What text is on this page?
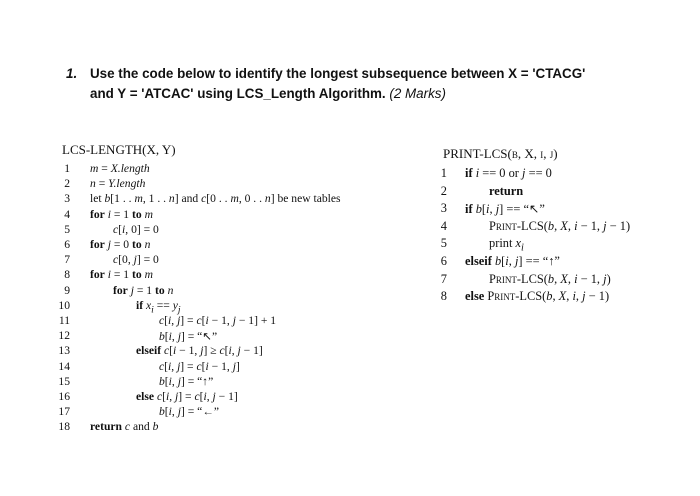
1. Use the code below to identify the longest subsequence between X = 'CTACG'
and Y = 'ATCAC' using LCS_Length Algorithm. (2 Marks)
LCS-LENGTH(X, Y)
1 m = X.length
2 n = Y.length
3 let b[1 . . m, 1 . . n] and c[0 . . m, 0 . . n] be new tables
4 for i = 1 to m
5	c[i, 0] = 0
6 for j = 0 to n
7	c[0, j] = 0
8 for i = 1 to m
9	for j = 1 to n
10	if $x_i == y_j$
11	c[i, j] = c[i − 1, j − 1] + 1
12	b[i, j] = “↖”
13	elseif c[i − 1, j] ≥ c[i, j − 1]
14	c[i, j] = c[i − 1, j]
15	b[i, j] = “↑”
16	else c[i, j] = c[i, j − 1]
17	b[i, j] = “←”
18 return c and b
PRINT-LCS(b, X, i, j)
1 if i == 0 or j == 0
2	return
3 if b[i, j] == “↖”
4	Print-LCS(b, X, i − 1, j − 1)
5	print $x_i$
6 elseif b[i, j] == “↑”
7	Print-LCS(b, X, i − 1, j)
8 else Print-LCS(b, X, i, j − 1)
